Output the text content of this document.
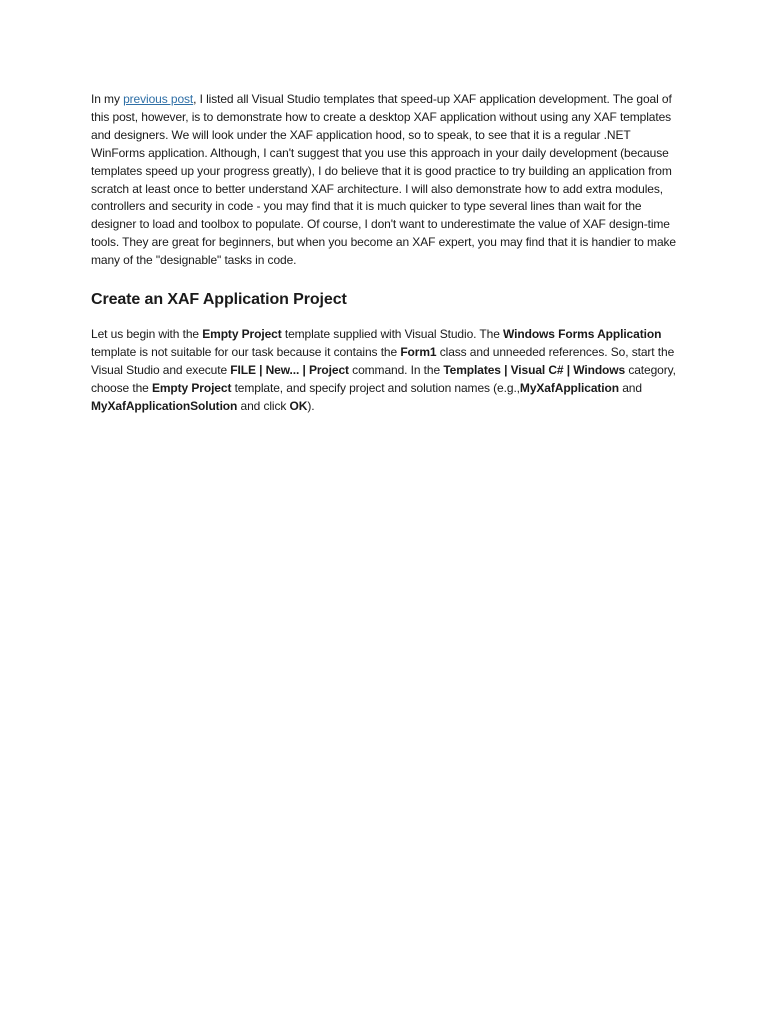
In my previous post, I listed all Visual Studio templates that speed-up XAF application development. The goal of this post, however, is to demonstrate how to create a desktop XAF application without using any XAF templates and designers. We will look under the XAF application hood, so to speak, to see that it is a regular .NET WinForms application. Although, I can't suggest that you use this approach in your daily development (because templates speed up your progress greatly), I do believe that it is good practice to try building an application from scratch at least once to better understand XAF architecture. I will also demonstrate how to add extra modules, controllers and security in code - you may find that it is much quicker to type several lines than wait for the designer to load and toolbox to populate. Of course, I don't want to underestimate the value of XAF design-time tools. They are great for beginners, but when you become an XAF expert, you may find that it is handier to make many of the "designable" tasks in code.

Create an XAF Application Project

Let us begin with the Empty Project template supplied with Visual Studio. The Windows Forms Application template is not suitable for our task because it contains the Form1 class and unneeded references. So, start the Visual Studio and execute FILE | New... | Project command. In the Templates | Visual C# | Windows category, choose the Empty Project template, and specify project and solution names (e.g.,MyXafApplication and MyXafApplicationSolution and click OK).
